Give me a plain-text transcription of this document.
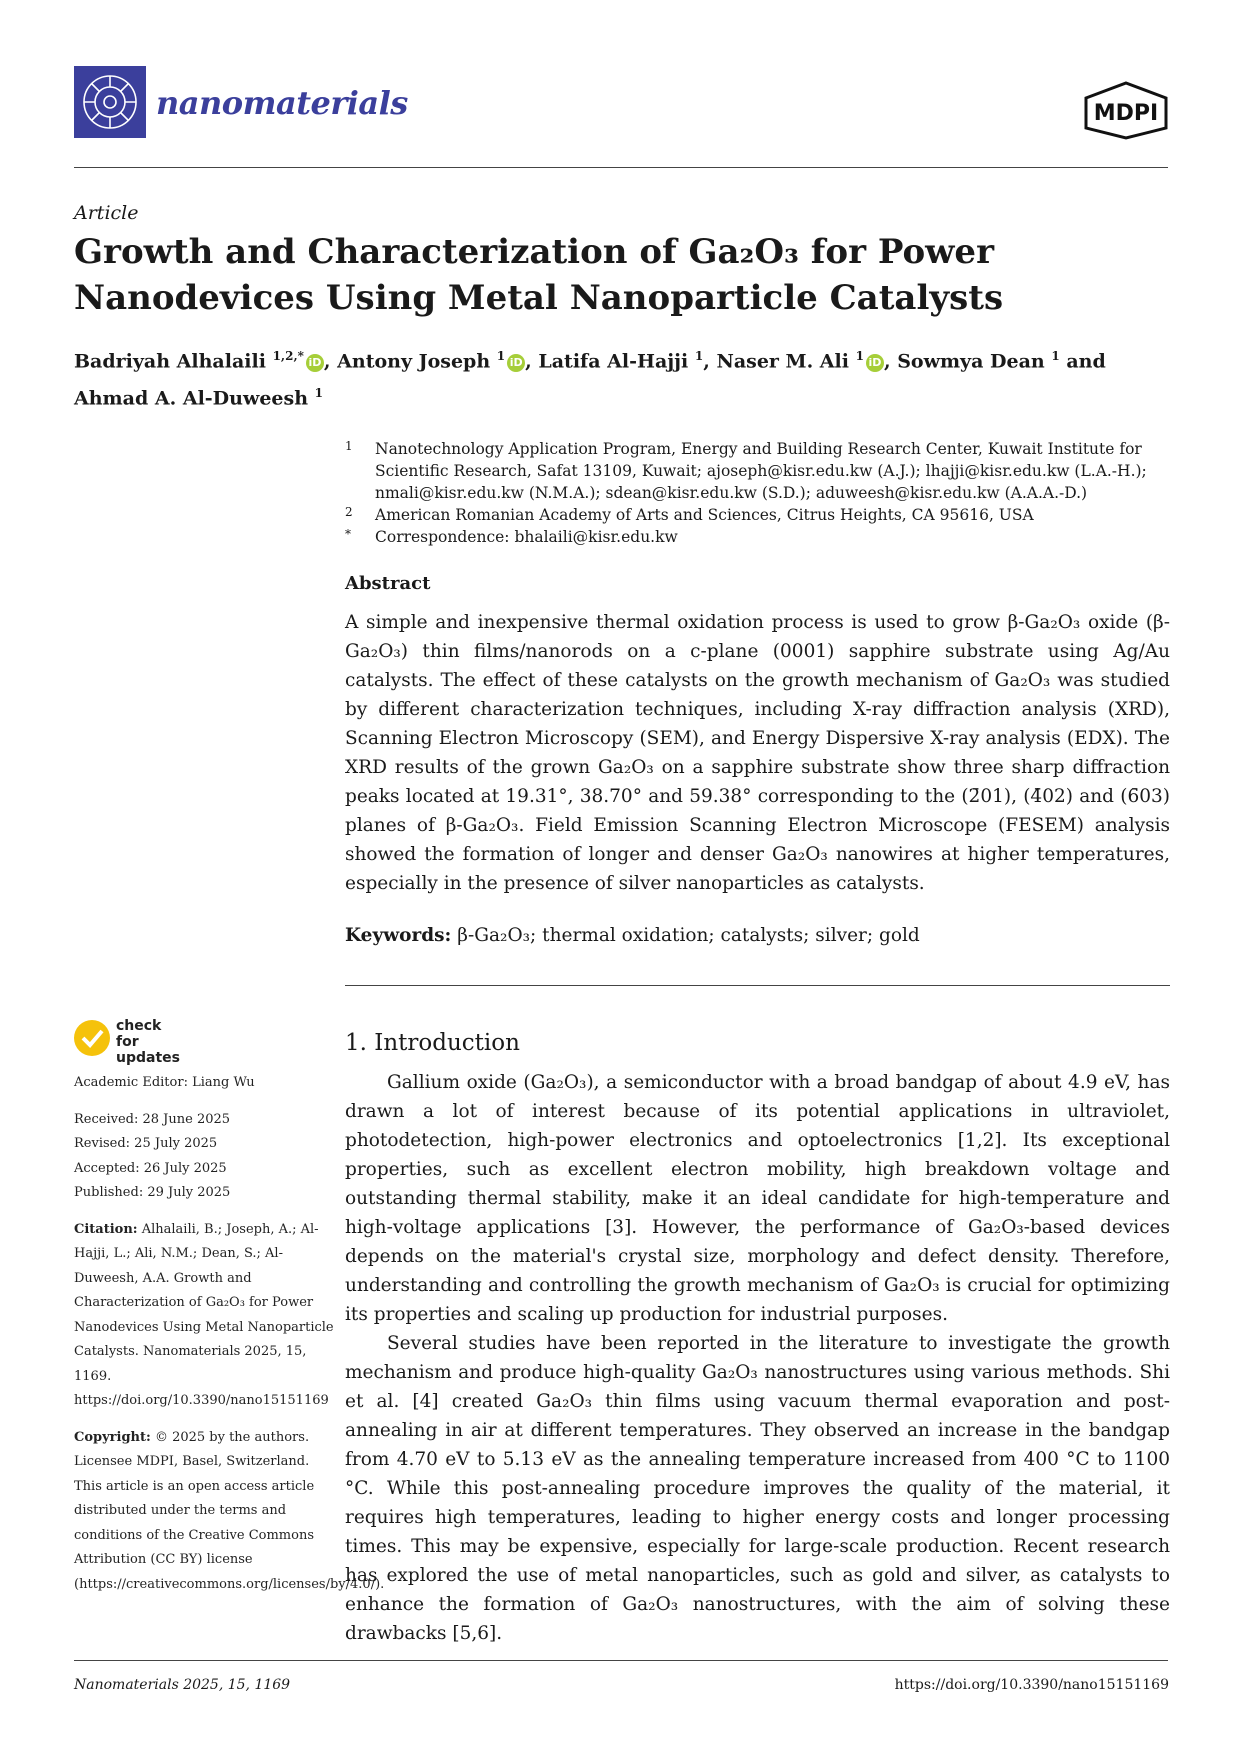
nanomaterials	MDPI
Article
Growth and Characterization of Ga₂O₃ for Power Nanodevices Using Metal Nanoparticle Catalysts
Badriyah Alhalaili $^{1,2,*}$ iD , Antony Joseph $^1$ iD , Latifa Al-Hajji $^1$, Naser M. Ali $^1$ iD , Sowmya Dean $^1$ and Ahmad A. Al-Duweesh $^1$
1 Nanotechnology Application Program, Energy and Building Research Center, Kuwait Institute for Scientific Research, Safat 13109, Kuwait; ajoseph@kisr.edu.kw (A.J.); lhajji@kisr.edu.kw (L.A.-H.); nmali@kisr.edu.kw (N.M.A.); sdean@kisr.edu.kw (S.D.); aduweesh@kisr.edu.kw (A.A.A.-D.)
2 American Romanian Academy of Arts and Sciences, Citrus Heights, CA 95616, USA
* Correspondence: bhalaili@kisr.edu.kw
Abstract
A simple and inexpensive thermal oxidation process is used to grow β-Ga₂O₃ oxide (β-Ga₂O₃) thin films/nanorods on a c-plane (0001) sapphire substrate using Ag/Au catalysts. The effect of these catalysts on the growth mechanism of Ga₂O₃ was studied by different characterization techniques, including X-ray diffraction analysis (XRD), Scanning Electron Microscopy (SEM), and Energy Dispersive X-ray analysis (EDX). The XRD results of the grown Ga₂O₃ on a sapphire substrate show three sharp diffraction peaks located at 19.31°, 38.70° and 59.38° corresponding to the (2̄01), (4̄02) and (6̄03) planes of β-Ga₂O₃. Field Emission Scanning Electron Microscope (FESEM) analysis showed the formation of longer and denser Ga₂O₃ nanowires at higher temperatures, especially in the presence of silver nanoparticles as catalysts.
Keywords: β-Ga₂O₃; thermal oxidation; catalysts; silver; gold
check for updates

Academic Editor: Liang Wu

Received: 28 June 2025

Revised: 25 July 2025

Accepted: 26 July 2025

Published: 29 July 2025

Citation: Alhalaili, B.; Joseph, A.; Al-Hajji, L.; Ali, N.M.; Dean, S.; Al-Duweesh, A.A. Growth and Characterization of Ga₂O₃ for Power Nanodevices Using Metal Nanoparticle Catalysts. Nanomaterials 2025, 15, 1169. https://doi.org/10.3390/nano15151169

Copyright: © 2025 by the authors. Licensee MDPI, Basel, Switzerland. This article is an open access article distributed under the terms and conditions of the Creative Commons Attribution (CC BY) license (https://creativecommons.org/licenses/by/4.0/).

1. Introduction

Gallium oxide (Ga₂O₃), a semiconductor with a broad bandgap of about 4.9 eV, has drawn a lot of interest because of its potential applications in ultraviolet, photodetection, high-power electronics and optoelectronics [1,2]. Its exceptional properties, such as excellent electron mobility, high breakdown voltage and outstanding thermal stability, make it an ideal candidate for high-temperature and high-voltage applications [3]. However, the performance of Ga₂O₃-based devices depends on the material's crystal size, morphology and defect density. Therefore, understanding and controlling the growth mechanism of Ga₂O₃ is crucial for optimizing its properties and scaling up production for industrial purposes.

Several studies have been reported in the literature to investigate the growth mechanism and produce high-quality Ga₂O₃ nanostructures using various methods. Shi et al. [4] created Ga₂O₃ thin films using vacuum thermal evaporation and post-annealing in air at different temperatures. They observed an increase in the bandgap from 4.70 eV to 5.13 eV as the annealing temperature increased from 400 °C to 1100 °C. While this post-annealing procedure improves the quality of the material, it requires high temperatures, leading to higher energy costs and longer processing times. This may be expensive, especially for large-scale production. Recent research has explored the use of metal nanoparticles, such as gold and silver, as catalysts to enhance the formation of Ga₂O₃ nanostructures, with the aim of solving these drawbacks [5,6].

Nanomaterials 2025, 15, 1169	https://doi.org/10.3390/nano15151169
